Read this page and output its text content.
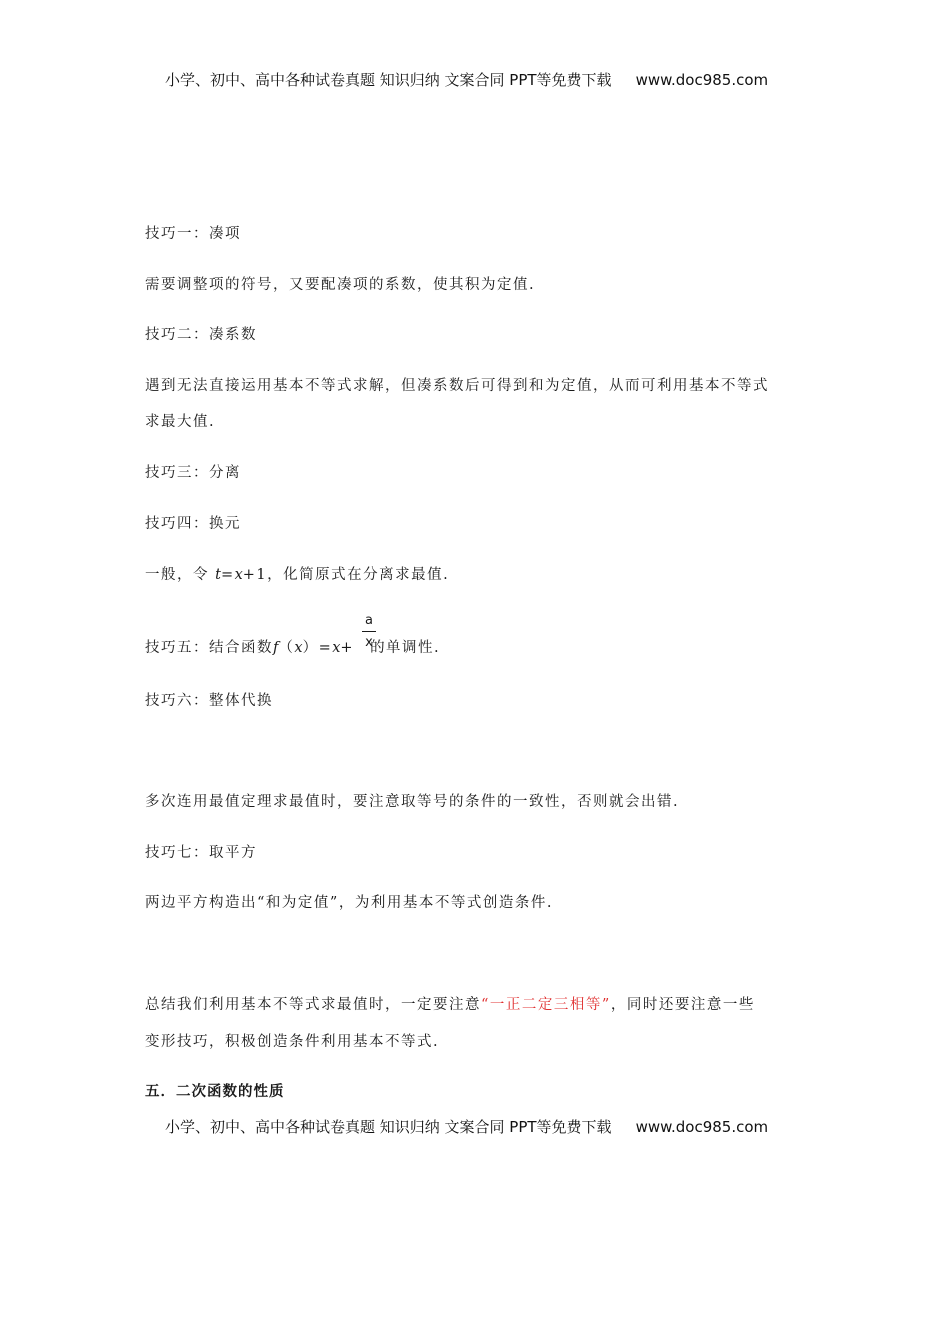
小学、初中、高中各种试卷真题 知识归纳 文案合同 PPT等免费下载 www.doc985.com
技巧一：凑项
需要调整项的符号，又要配凑项的系数，使其积为定值.
技巧二：凑系数
遇到无法直接运用基本不等式求解，但凑系数后可得到和为定值，从而可利用基本不等式
求最大值.
技巧三：分离
技巧四：换元
一般，令 t=x+1，化简原式在分离求最值.
技巧五：结合函数f（x）=x+ 的单调性.
a
x
技巧六：整体代换
多次连用最值定理求最值时，要注意取等号的条件的一致性，否则就会出错.
技巧七：取平方
两边平方构造出“和为定值”，为利用基本不等式创造条件.
总结我们利用基本不等式求最值时，一定要注意“一正二定三相等”，同时还要注意一些
变形技巧，积极创造条件利用基本不等式.
五．二次函数的性质
小学、初中、高中各种试卷真题 知识归纳 文案合同 PPT等免费下载 www.doc985.com
